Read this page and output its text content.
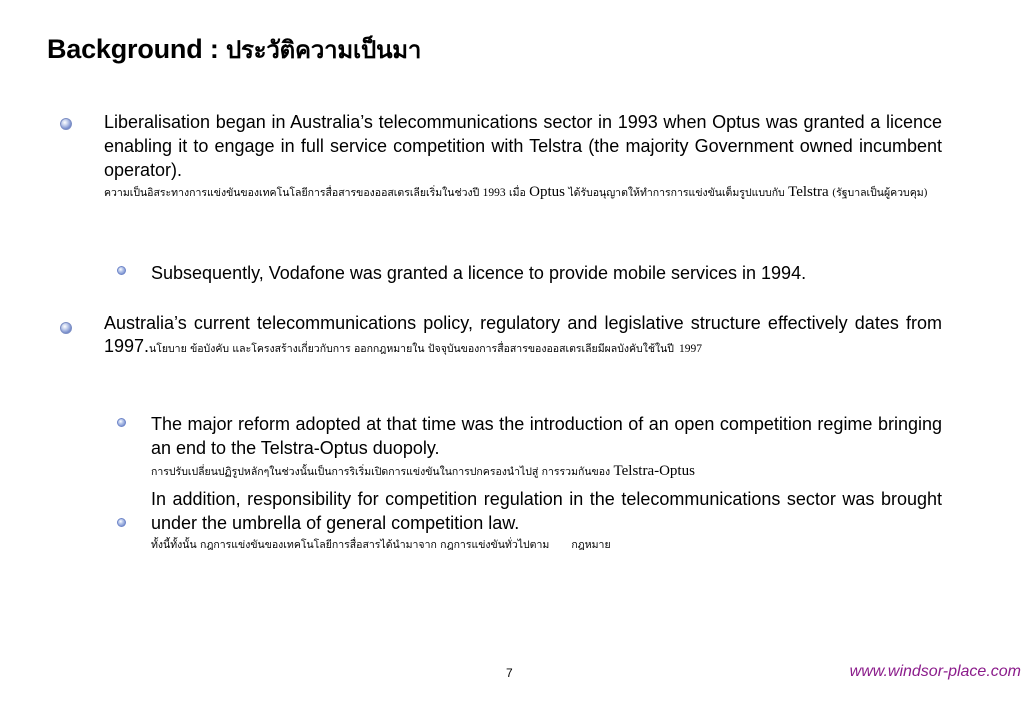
Background : ประวัติความเป็นมา

Liberalisation began in Australia’s telecommunications sector in 1993 when Optus was granted a licence enabling it to engage in full service competition with Telstra (the majority Government owned incumbent operator).

ความเป็นอิสระทางการแข่งขันของเทคโนโลยีการสื่อสารของออสเตรเลียเริ่มในช่วงปี 1993 เมื่อ Optus ได้รับอนุญาตให้ทำการการแข่งขันเต็มรูปแบบกับ Telstra (รัฐบาลเป็นผู้ควบคุม)

Subsequently, Vodafone was granted a licence to provide mobile services in 1994.

Australia’s current telecommunications policy, regulatory and legislative structure effectively dates from 1997.นโยบาย ข้อบังคับ และโครงสร้างเกี่ยวกับการ ออกกฎหมายใน ปัจจุบันของการสื่อสารของออสเตรเลียมีผลบังคับใช้ในปี 1997

The major reform adopted at that time was the introduction of an open competition regime bringing an end to the Telstra-Optus duopoly.

การปรับเปลี่ยนปฏิรูปหลักๆในช่วงนั้นเป็นการริเริ่มเปิดการแข่งขันในการปกครองนำไปสู่ การรวมกันของ Telstra-Optus

In addition, responsibility for competition regulation in the telecommunications sector was brought under the umbrella of general competition law.

ทั้งนี้ทั้งนั้น กฎการแข่งขันของเทคโนโลยีการสื่อสารได้นำมาจาก กฎการแข่งขันทั่วไปตาม กฎหมาย

7	www.windsor-place.com
